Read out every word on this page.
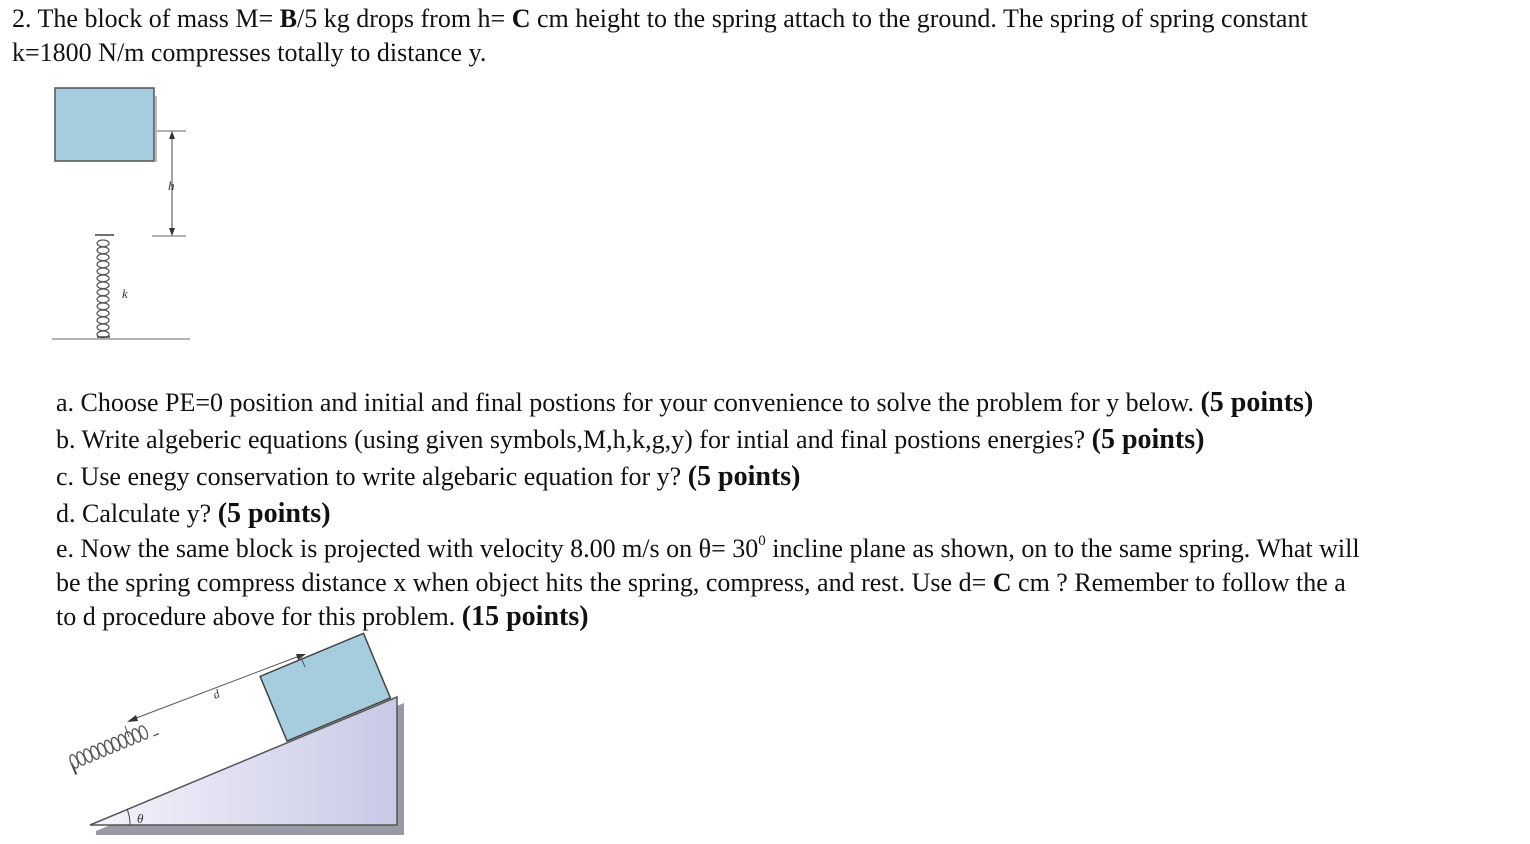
2. The block of mass M= B/5 kg drops from h= C cm height to the spring attach to the ground. The spring of spring constant
k=1800 N/m compresses totally to distance y.
h
k
a. Choose PE=0 position and initial and final postions for your convenience to solve the problem for y below. (5 points)
b. Write algeberic equations (using given symbols,M,h,k,g,y) for intial and final postions energies? (5 points)
c. Use enegy conservation to write algebaric equation for y? (5 points)
d. Calculate y? (5 points)
e. Now the same block is projected with velocity 8.00 m/s on $\theta= 30^0$ incline plane as shown, on to the same spring. What will
be the spring compress distance x when object hits the spring, compress, and rest. Use d= C cm ? Remember to follow the a
to d procedure above for this problem. (15 points)
d
θ
